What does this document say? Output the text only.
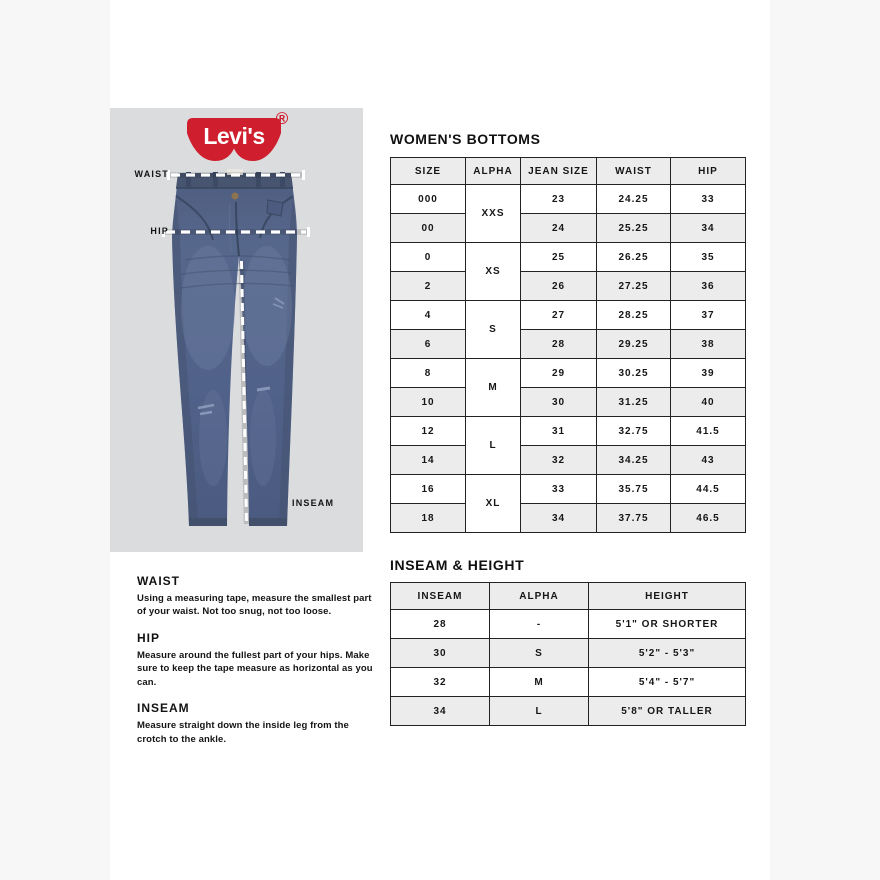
Levi's
®
WAIST
HIP
INSEAM
WAIST

Using a measuring tape, measure the smallest part of your waist. Not too snug, not too loose.

HIP

Measure around the fullest part of your hips. Make sure to keep the tape measure as horizontal as you can.

INSEAM

Measure straight down the inside leg from the crotch to the ankle.

WOMEN'S BOTTOMS
SIZE	ALPHA	JEAN SIZE	WAIST	HIP
000	XXS	23	24.25	33
00		24	25.25	34
0	XS	25	26.25	35
2		26	27.25	36
4	S	27	28.25	37
6		28	29.25	38
8	M	29	30.25	39
10		30	31.25	40
12	L	31	32.75	41.5
14		32	34.25	43
16	XL	33	35.75	44.5
18		34	37.75	46.5
INSEAM & HEIGHT
INSEAM	ALPHA	HEIGHT
28	-	5'1" OR SHORTER
30	S	5'2" - 5'3"
32	M	5'4" - 5'7"
34	L	5'8" OR TALLER
